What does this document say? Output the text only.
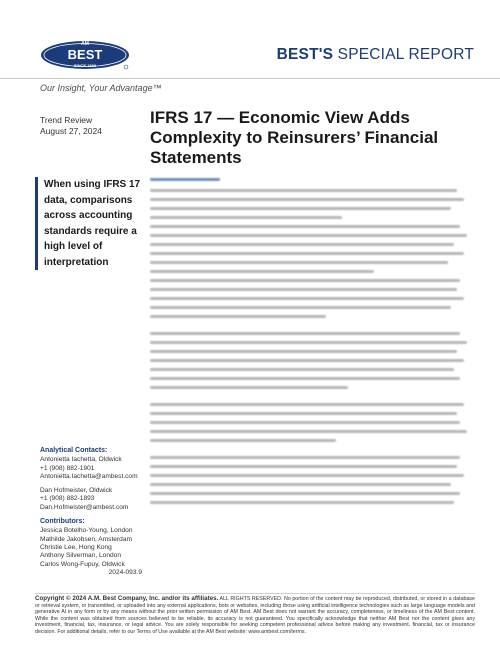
AM
BEST
SINCE 1899
BEST'S SPECIAL REPORT
Our Insight, Your Advantage™
Trend Review
August 27, 2024
IFRS 17 — Economic View Adds Complexity to Reinsurers’ Financial Statements
When using IFRS 17 data, comparisons across accounting standards require a high level of interpretation
Analytical Contacts:
Antonietta Iachetta, Oldwick
+1 (908) 882-1901
Antonietta.Iachetta@ambest.com
Dan Hofmeister, Oldwick
+1 (908) 882-1893
Dan.Hofmeister@ambest.com
Contributors:
Jessica Botelho-Young, London
Mathilde Jakobsen, Amsterdam
Christie Lee, Hong Kong
Anthony Silverman, London
Carlos Wong-Fupuy, Oldwick
2024-093.9
Copyright © 2024 A.M. Best Company, Inc. and/or its affiliates. ALL RIGHTS RESERVED. No portion of the content may be reproduced, distributed, or stored in a database or retrieval system, or transmitted, or uploaded into any external applications, bots or websites, including those using artificial intelligence technologies such as large language models and generative AI in any form or by any means without the prior written permission of AM Best. AM Best does not warrant the accuracy, completeness, or timeliness of the AM Best content. While the content was obtained from sources believed to be reliable, its accuracy is not guaranteed. You specifically acknowledge that neither AM Best nor the content gives any investment, financial, tax, insurance, or legal advice. You are solely responsible for seeking competent professional advice before making any investment, financial, tax or insurance decision. For additional details, refer to our Terms of Use available at the AM Best website: www.ambest.com/terms.
